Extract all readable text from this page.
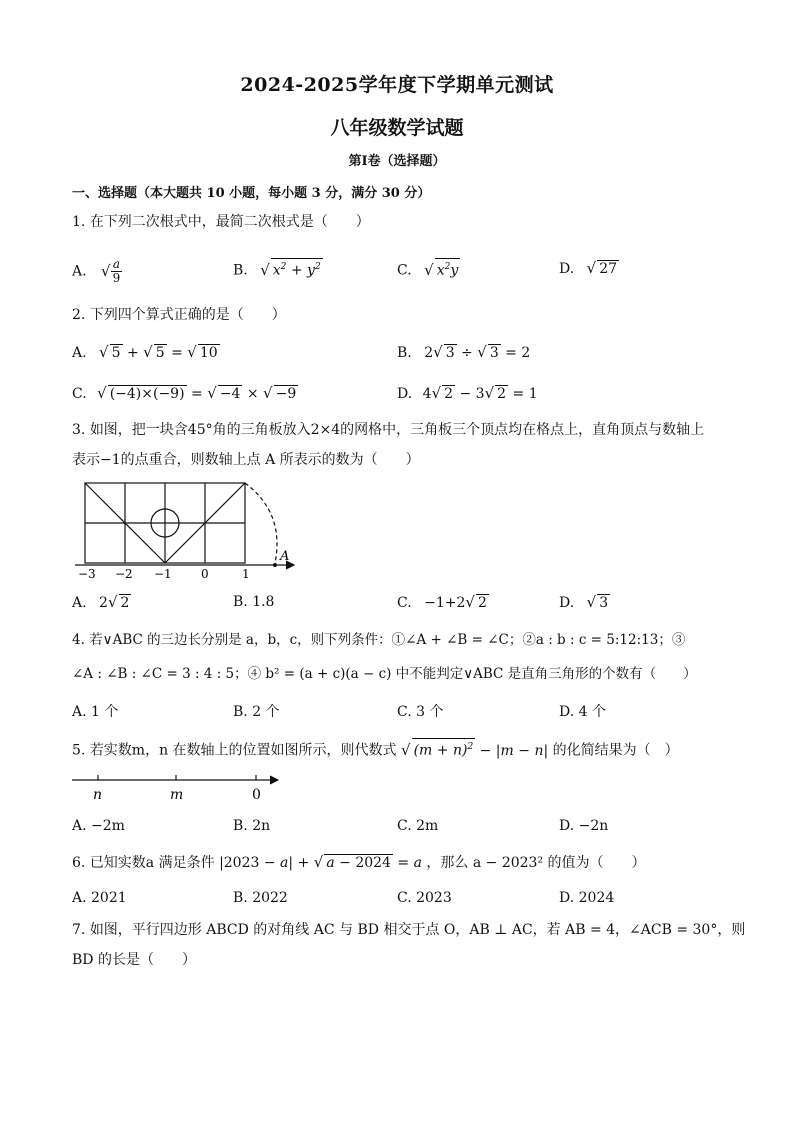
2024-2025学年度下学期单元测试
八年级数学试题
第Ⅰ卷（选择题）
一、选择题（本大题共 10 小题，每小题 3 分，满分 30 分）
1. 在下列二次根式中，最简二次根式是（　　）
A. √ $\frac{a}{9}$	B. √ $x^2 + y^2$	C. √ $x^2y$	D. √ 27
2. 下列四个算式正确的是（　　）
A. √ 5 + √ 5 = √ 10	B. 2√ 3 ÷ √ 3 = 2
C. √ (−4)×(−9) = √ −4 × √ −9	D. 4√ 2 − 3√ 2 = 1
3. 如图，把一块含45°角的三角板放入2×4的网格中，三角板三个顶点均在格点上，直角顶点与数轴上
表示−1的点重合，则数轴上点 A 所表示的数为（　　）
−3 −2 −1 0	1
A
A. 2√ 2	B. 1.8	C. −1+2√ 2	D. √ 3
4. 若∨ABC 的三边长分别是 a，b，c，则下列条件：①∠A + ∠B = ∠C；②a : b : c = 5:12:13；③
∠A : ∠B : ∠C = 3 : 4 : 5；④ b² = (a + c)(a − c) 中不能判定∨ABC 是直角三角形的个数有（　　）
A. 1 个	B. 2 个	C. 3 个	D. 4 个
5. 若实数m，n 在数轴上的位置如图所示，则代数式 √ $(m + n)^2 - |m - n|$ 的化简结果为（　）
n	m	0
A. −2m	B. 2n	C. 2m	D. −2n
6. 已知实数a 满足条件 |2023 − a| + √ a − 2024 = a ，那么 a − 2023² 的值为（　　）
A. 2021	B. 2022	C. 2023	D. 2024
7. 如图，平行四边形 ABCD 的对角线 AC 与 BD 相交于点 O，AB ⊥ AC，若 AB = 4，∠ACB = 30°，则
BD 的长是（　　）
